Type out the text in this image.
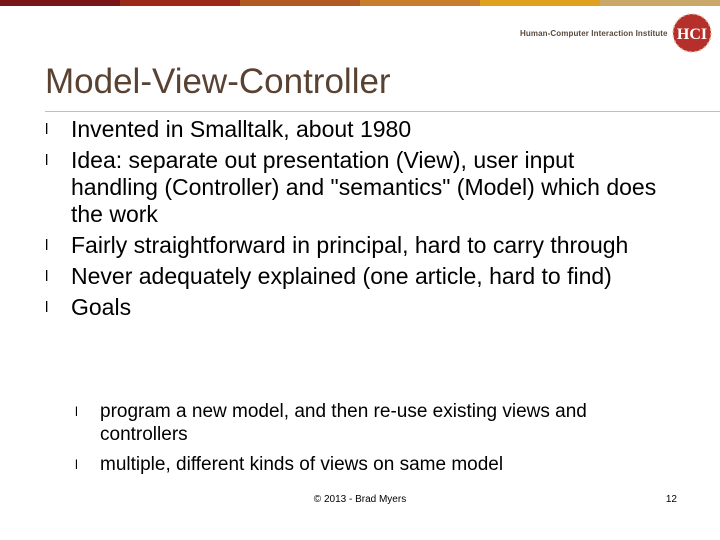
Human-Computer Interaction Institute HCI
Model-View-Controller
l Invented in Smalltalk, about 1980
l Idea: separate out presentation (View), user input handling (Controller) and "semantics" (Model) which does the work
l Fairly straightforward in principal, hard to carry through
l Never adequately explained (one article, hard to find)
l Goals
l program a new model, and then re-use existing views and controllers
l multiple, different kinds of views on same model
© 2013 - Brad Myers	12
